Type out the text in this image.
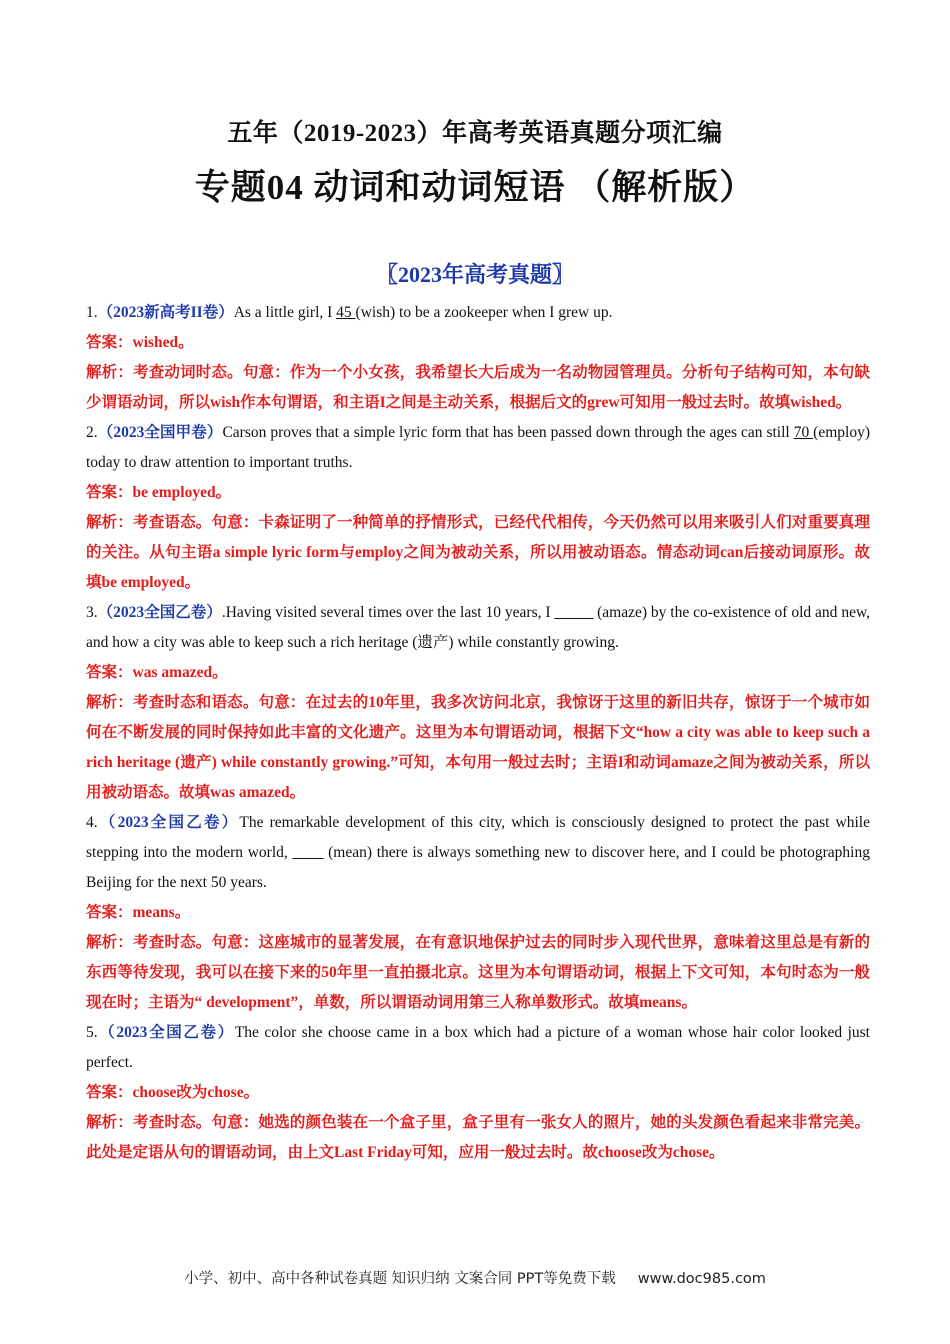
五年（2019-2023）年高考英语真题分项汇编
专题04 动词和动词短语 （解析版）
〖2023年高考真题〗

1.（2023新高考II卷）As a little girl, I 45 (wish) to be a zookeeper when I grew up.

答案：wished。

解析：考查动词时态。句意：作为一个小女孩，我希望长大后成为一名动物园管理员。分析句子结构可知，本句缺少谓语动词，所以wish作本句谓语，和主语I之间是主动关系，根据后文的grew可知用一般过去时。故填wished。

2.（2023全国甲卷）Carson proves that a simple lyric form that has been passed down through the ages can still 70 (employ) today to draw attention to important truths.

答案：be employed。

解析：考查语态。句意：卡森证明了一种简单的抒情形式，已经代代相传，今天仍然可以用来吸引人们对重要真理的关注。从句主语a simple lyric form与employ之间为被动关系，所以用被动语态。情态动词can后接动词原形。故填be employed。

3.（2023全国乙卷）.Having visited several times over the last 10 years, I _____ (amaze) by the co-existence of old and new, and how a city was able to keep such a rich heritage (遗产) while constantly growing.

答案：was amazed。

解析：考查时态和语态。句意：在过去的10年里，我多次访问北京，我惊讶于这里的新旧共存，惊讶于一个城市如何在不断发展的同时保持如此丰富的文化遗产。这里为本句谓语动词，根据下文“how a city was able to keep such a rich heritage (遗产) while constantly growing.”可知，本句用一般过去时；主语I和动词amaze之间为被动关系，所以用被动语态。故填was amazed。

4.（2023全国乙卷）The remarkable development of this city, which is consciously designed to protect the past while stepping into the modern world, ____ (mean) there is always something new to discover here, and I could be photographing Beijing for the next 50 years.

答案：means。

解析：考查时态。句意：这座城市的显著发展，在有意识地保护过去的同时步入现代世界，意味着这里总是有新的东西等待发现，我可以在接下来的50年里一直拍摄北京。这里为本句谓语动词，根据上下文可知，本句时态为一般现在时；主语为“ development”，单数，所以谓语动词用第三人称单数形式。故填means。

5.（2023全国乙卷）The color she choose came in a box which had a picture of a woman whose hair color looked just perfect.

答案：choose改为chose。

解析：考查时态。句意：她选的颜色装在一个盒子里，盒子里有一张女人的照片，她的头发颜色看起来非常完美。此处是定语从句的谓语动词，由上文Last Friday可知，应用一般过去时。故choose改为chose。

小学、初中、高中各种试卷真题 知识归纳 文案合同 PPT等免费下载 www.doc985.com
